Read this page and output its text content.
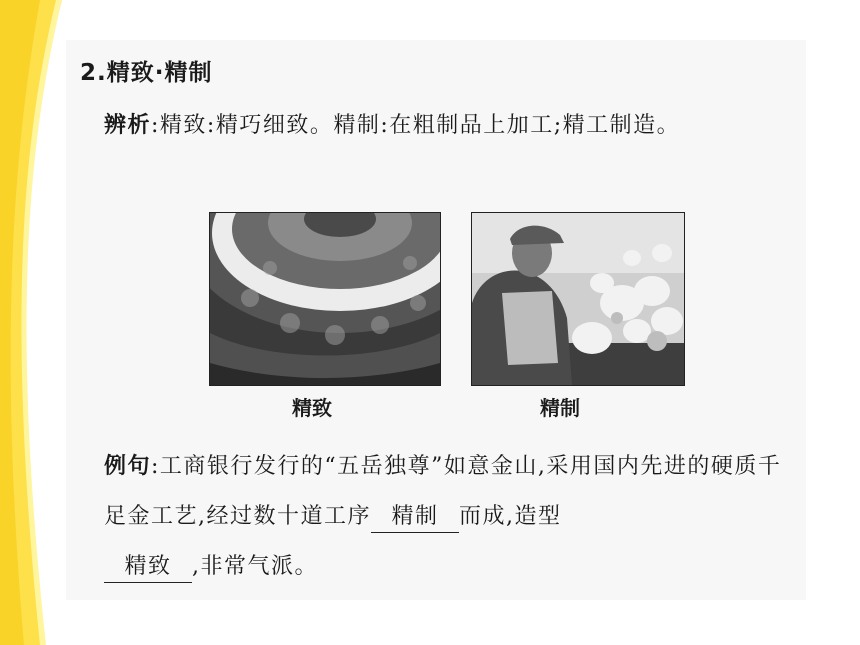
2.精致·精制
辨析:精致:精巧细致。精制:在粗制品上加工;精工制造。
精致	精制
例句:工商银行发行的“五岳独尊”如意金山,采用国内先进的硬质千足金工艺,经过数十道工序 精制 而成,造型
精致 ,非常气派。
